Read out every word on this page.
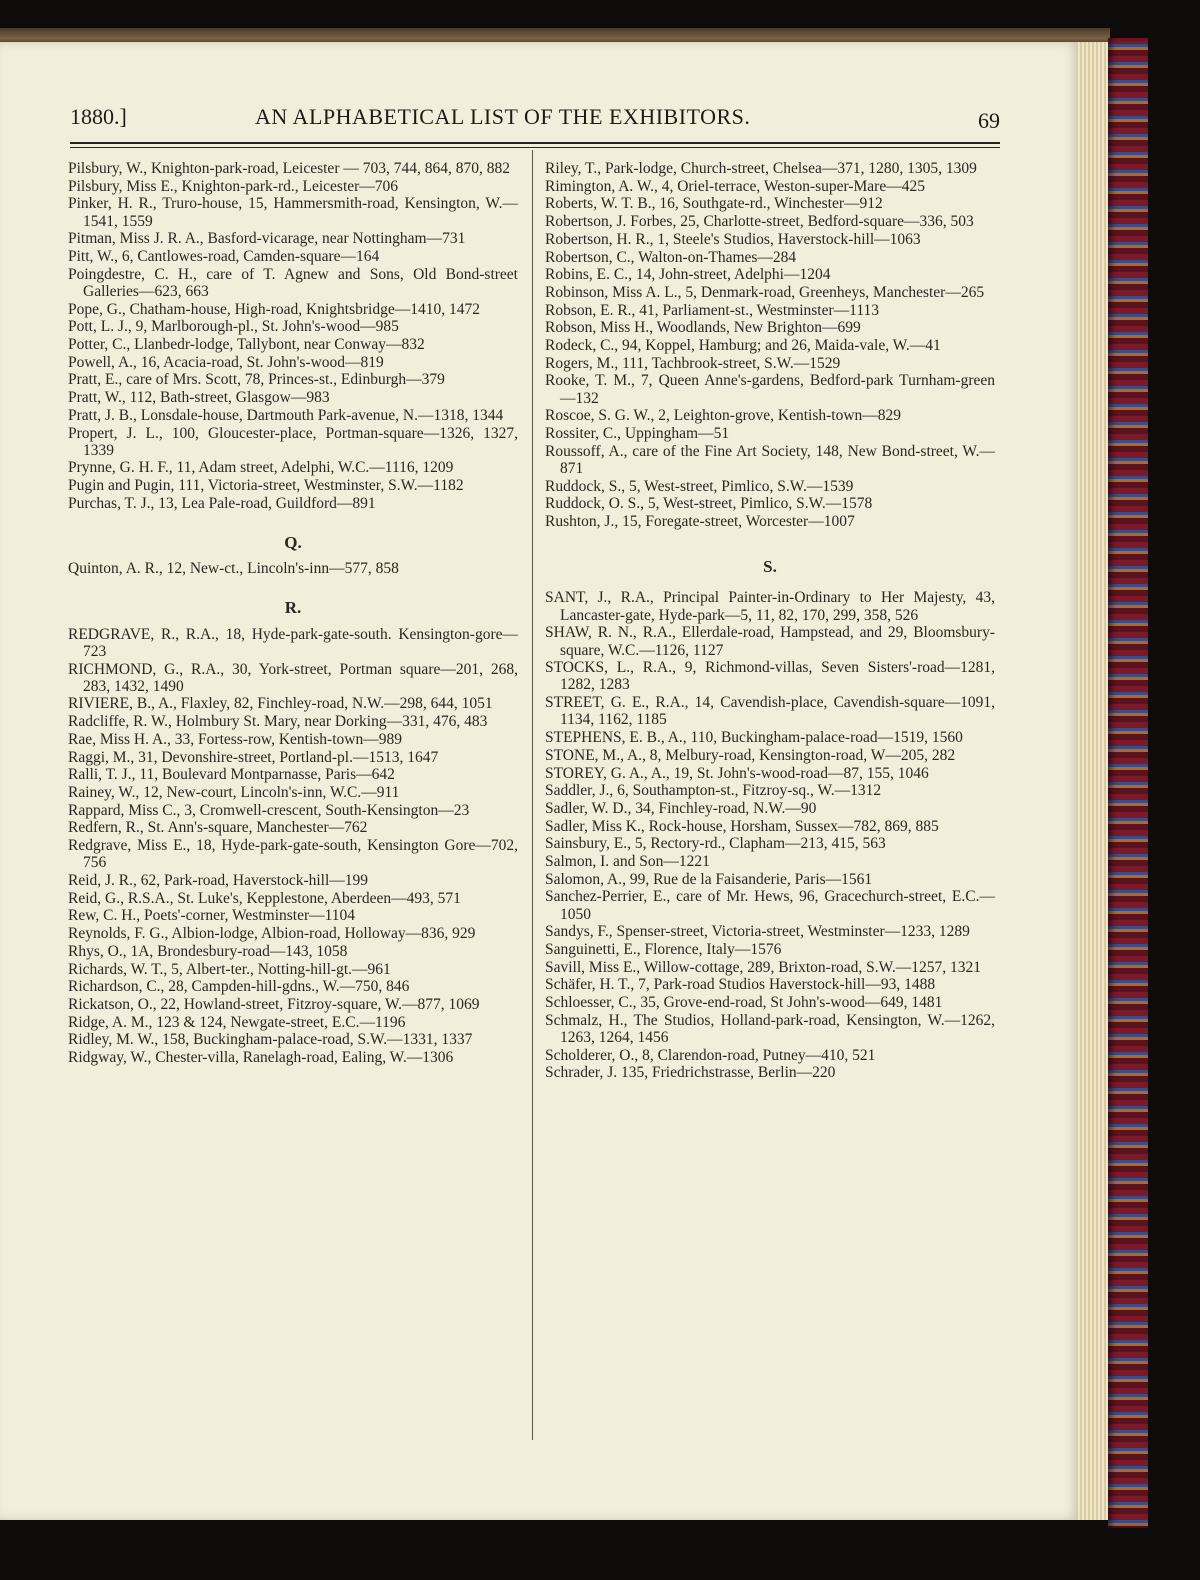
1880.]	AN ALPHABETICAL LIST OF THE EXHIBITORS.	69
Pilsbury, W., Knighton-park-road, Leicester — 703, 744, 864, 870, 882
Pilsbury, Miss E., Knighton-park-rd., Leicester—706
Pinker, H. R., Truro-house, 15, Hammersmith-road, Kensington, W.—1541, 1559
Pitman, Miss J. R. A., Basford-vicarage, near Nottingham—731
Pitt, W., 6, Cantlowes-road, Camden-square—164
Poingdestre, C. H., care of T. Agnew and Sons, Old Bond-street Galleries—623, 663
Pope, G., Chatham-house, High-road, Knightsbridge—1410, 1472
Pott, L. J., 9, Marlborough-pl., St. John's-wood—985
Potter, C., Llanbedr-lodge, Tallybont, near Conway—832
Powell, A., 16, Acacia-road, St. John's-wood—819
Pratt, E., care of Mrs. Scott, 78, Princes-st., Edinburgh—379
Pratt, W., 112, Bath-street, Glasgow—983
Pratt, J. B., Lonsdale-house, Dartmouth Park-avenue, N.—1318, 1344
Propert, J. L., 100, Gloucester-place, Portman-square—1326, 1327, 1339
Prynne, G. H. F., 11, Adam street, Adelphi, W.C.—1116, 1209
Pugin and Pugin, 111, Victoria-street, Westminster, S.W.—1182
Purchas, T. J., 13, Lea Pale-road, Guildford—891
Q.
Quinton, A. R., 12, New-ct., Lincoln's-inn—577, 858
R.
REDGRAVE, R., R.A., 18, Hyde-park-gate-south. Kensington-gore—723
RICHMOND, G., R.A., 30, York-street, Portman square—201, 268, 283, 1432, 1490
RIVIERE, B., A., Flaxley, 82, Finchley-road, N.W.—298, 644, 1051
Radcliffe, R. W., Holmbury St. Mary, near Dorking—331, 476, 483
Rae, Miss H. A., 33, Fortess-row, Kentish-town—989
Raggi, M., 31, Devonshire-street, Portland-pl.—1513, 1647
Ralli, T. J., 11, Boulevard Montparnasse, Paris—642
Rainey, W., 12, New-court, Lincoln's-inn, W.C.—911
Rappard, Miss C., 3, Cromwell-crescent, South-Kensington—23
Redfern, R., St. Ann's-square, Manchester—762
Redgrave, Miss E., 18, Hyde-park-gate-south, Kensington Gore—702, 756
Reid, J. R., 62, Park-road, Haverstock-hill—199
Reid, G., R.S.A., St. Luke's, Kepplestone, Aberdeen—493, 571
Rew, C. H., Poets'-corner, Westminster—1104
Reynolds, F. G., Albion-lodge, Albion-road, Holloway—836, 929
Rhys, O., 1A, Brondesbury-road—143, 1058
Richards, W. T., 5, Albert-ter., Notting-hill-gt.—961
Richardson, C., 28, Campden-hill-gdns., W.—750, 846
Rickatson, O., 22, Howland-street, Fitzroy-square, W.—877, 1069
Ridge, A. M., 123 & 124, Newgate-street, E.C.—1196
Ridley, M. W., 158, Buckingham-palace-road, S.W.—1331, 1337
Ridgway, W., Chester-villa, Ranelagh-road, Ealing, W.—1306
Riley, T., Park-lodge, Church-street, Chelsea—371, 1280, 1305, 1309
Rimington, A. W., 4, Oriel-terrace, Weston-super-Mare—425
Roberts, W. T. B., 16, Southgate-rd., Winchester—912
Robertson, J. Forbes, 25, Charlotte-street, Bedford-square—336, 503
Robertson, H. R., 1, Steele's Studios, Haverstock-hill—1063
Robertson, C., Walton-on-Thames—284
Robins, E. C., 14, John-street, Adelphi—1204
Robinson, Miss A. L., 5, Denmark-road, Greenheys, Manchester—265
Robson, E. R., 41, Parliament-st., Westminster—1113
Robson, Miss H., Woodlands, New Brighton—699
Rodeck, C., 94, Koppel, Hamburg; and 26, Maida-vale, W.—41
Rogers, M., 111, Tachbrook-street, S.W.—1529
Rooke, T. M., 7, Queen Anne's-gardens, Bedford-park Turnham-green—132
Roscoe, S. G. W., 2, Leighton-grove, Kentish-town—829
Rossiter, C., Uppingham—51
Roussoff, A., care of the Fine Art Society, 148, New Bond-street, W.—871
Ruddock, S., 5, West-street, Pimlico, S.W.—1539
Ruddock, O. S., 5, West-street, Pimlico, S.W.—1578
Rushton, J., 15, Foregate-street, Worcester—1007
S.
SANT, J., R.A., Principal Painter-in-Ordinary to Her Majesty, 43, Lancaster-gate, Hyde-park—5, 11, 82, 170, 299, 358, 526
SHAW, R. N., R.A., Ellerdale-road, Hampstead, and 29, Bloomsbury-square, W.C.—1126, 1127
STOCKS, L., R.A., 9, Richmond-villas, Seven Sisters'-road—1281, 1282, 1283
STREET, G. E., R.A., 14, Cavendish-place, Cavendish-square—1091, 1134, 1162, 1185
STEPHENS, E. B., A., 110, Buckingham-palace-road—1519, 1560
STONE, M., A., 8, Melbury-road, Kensington-road, W—205, 282
STOREY, G. A., A., 19, St. John's-wood-road—87, 155, 1046
Saddler, J., 6, Southampton-st., Fitzroy-sq., W.—1312
Sadler, W. D., 34, Finchley-road, N.W.—90
Sadler, Miss K., Rock-house, Horsham, Sussex—782, 869, 885
Sainsbury, E., 5, Rectory-rd., Clapham—213, 415, 563
Salmon, I. and Son—1221
Salomon, A., 99, Rue de la Faisanderie, Paris—1561
Sanchez-Perrier, E., care of Mr. Hews, 96, Gracechurch-street, E.C.—1050
Sandys, F., Spenser-street, Victoria-street, Westminster—1233, 1289
Sanguinetti, E., Florence, Italy—1576
Savill, Miss E., Willow-cottage, 289, Brixton-road, S.W.—1257, 1321
Schäfer, H. T., 7, Park-road Studios Haverstock-hill—93, 1488
Schloesser, C., 35, Grove-end-road, St John's-wood—649, 1481
Schmalz, H., The Studios, Holland-park-road, Kensington, W.—1262, 1263, 1264, 1456
Scholderer, O., 8, Clarendon-road, Putney—410, 521
Schrader, J. 135, Friedrichstrasse, Berlin—220
